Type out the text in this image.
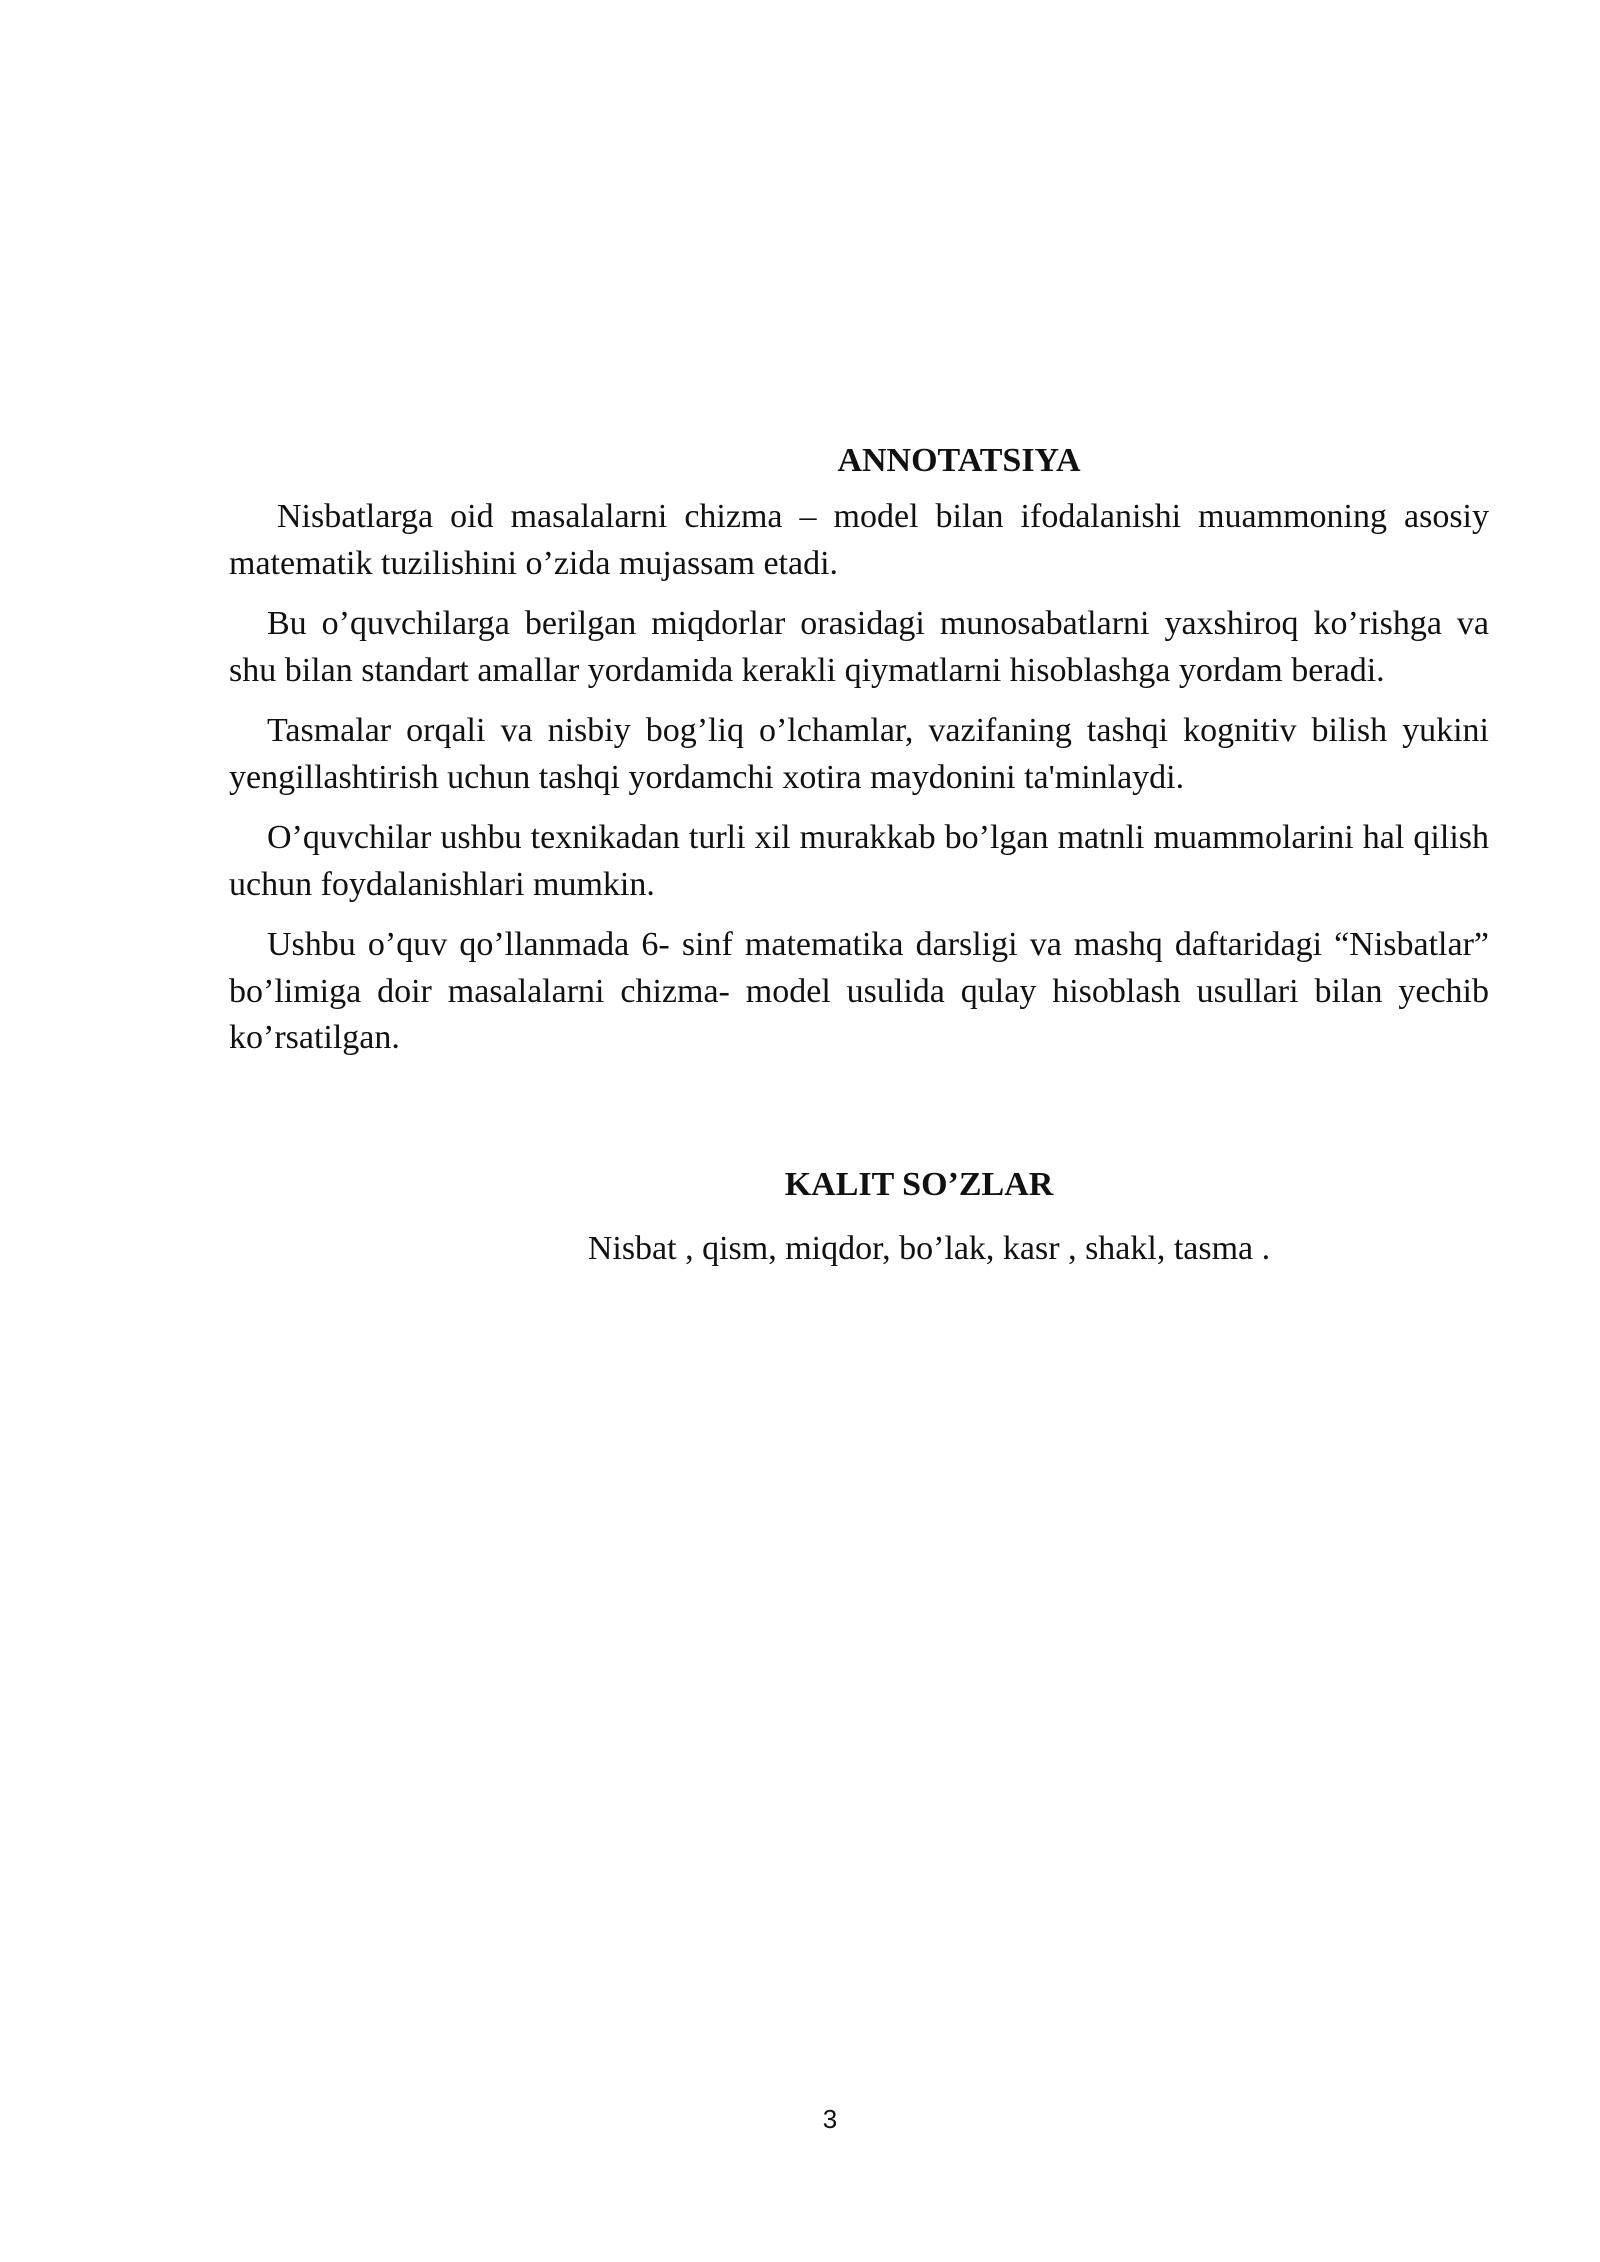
ANNOTATSIYA

Nisbatlarga oid masalalarni chizma – model bilan ifodalanishi muammoning asosiy matematik tuzilishini o’zida mujassam etadi.

Bu o’quvchilarga berilgan miqdorlar orasidagi munosabatlarni yaxshiroq ko’rishga va shu bilan standart amallar yordamida kerakli qiymatlarni hisoblashga yordam beradi.

Tasmalar orqali va nisbiy bog’liq o’lchamlar, vazifaning tashqi kognitiv bilish yukini yengillashtirish uchun tashqi yordamchi xotira maydonini ta'minlaydi.

O’quvchilar ushbu texnikadan turli xil murakkab bo’lgan matnli muammolarini hal qilish uchun foydalanishlari mumkin.

Ushbu o’quv qo’llanmada 6- sinf matematika darsligi va mashq daftaridagi “Nisbatlar” bo’limiga doir masalalarni chizma- model usulida qulay hisoblash usullari bilan yechib ko’rsatilgan.

KALIT SO’ZLAR

Nisbat , qism, miqdor, bo’lak, kasr , shakl, tasma .

3
